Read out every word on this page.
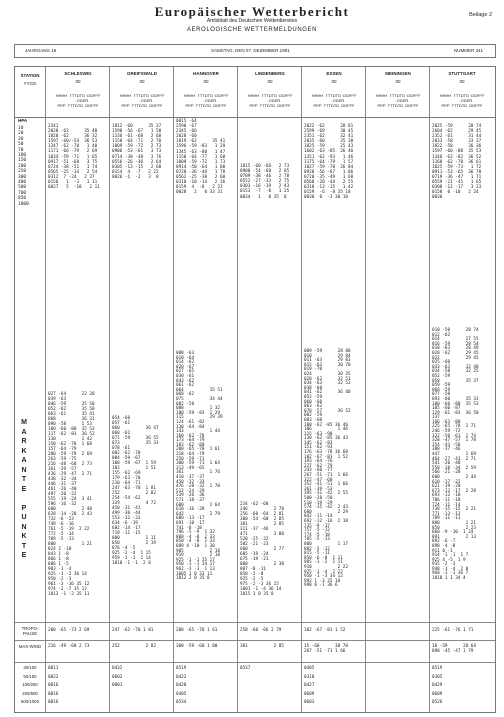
Europäischer Wetterbericht
Amtsblatt des Deutschen Wetterdienstes
AEROLOGISCHE WETTERMELDUNGEN
Beilage 2
JAHRGANG 16	SAMSTAG, DEN 07. DEZEMBER 1991	NUMMER 341
STATION
YYGG
SCHLESWIG
00
HHHH  TTTDTD  DDFFF
ODER
PPP  TTTDTD  DDFFF
GREIFSWALD
00
HHHH  TTTDTD  DDFFF
ODER
PPP  TTTDTD  DDFFF
HANNOVER
00
HHHH  TTTDTD  DDFFF
ODER
PPP  TTTDTD  DDFFF
LINDENBERG
00
HHHH  TTTDTD  DDFFF
ODER
PPP  TTTDTD  DDFFF
ESSEN
00
HHHH  TTTDTD  DDFFF
ODER
PPP  TTTDTD  DDFFF
MEININGEN
00
HHHH  TTTDTD  DDFFF
ODER
PPP  TTTDTD  DDFFF
STUTTGART
00
HHHH  TTTDTD  DDFFF
ODER
PPP  TTTDTD  DDFFF
HPA
10
20
30
50
70
100
150
200
250
300
400
500
700
850
1000
2341
2028 -63      35 48
1820 -62      36 32
1597 -60/-54  36 53
1347 -62 -78   1 48
1171 -66 -79   2 69
1034 -59 -71   1 65
0917 -51 -68   3 75
0724 -38 -51   1 74
0565 -25 -34   2 54
0312  7 -24   2 37
0156   1  -3   1 11
0027   5  -10   2 11
027 -64      22 28
039 -63
046 -59      35 50
052 -62      35 50
063 -62      35 41
068          36 31
090 -58      1 53
100 -60 -80  35 53
117 -62 -83  36 52
130          1 42
150 -62 -78  1 68
157 -64 -79
200 -59 -79  2 69
263 -59 -75
216 -48 -68  2 73
361 -39 -57
436 -29 -47  2 71
438 -32 -34
446 -31 -37
461 -26 -40
497 -20 -22
555 -19 -24  3 41
596 -16 -32
600          2 40
628 -14 -28  2 43
732 -6 -23
749 -6 -16
761 -5 -19  2 22
772 -5 -14
789 -5 -13
800          1 21
824 2 -10
843 1 -8
866 1 -8
886 1 -5
903 -1 -4
925 -1 -2 36 14
950 -2 -3
961 -3 -16 35 12
974 -2 -7 35 12
1013 -1 -2 35 11
200 -65 -73 2 69
216 -49 -68 2 73
0011
0022
0016
0016
0016
1812 -60      35 37
1590 -56 -67   1 50
1336 -61 -68   2 60
1158 -64 -71   2 70
1009 -59 -72   2 73
0906 -53 -61   3 73
0714 -38 -48   3 76
0556 -26 -36   2 64
0305 -13 -15   2 60
0154  4  -7   2 22
0026 -1  -2   3  8
054 -60
057 -61
060          36 47
068 -62
071 -59      36 55
073          35 33
078 -61
082 -62 -70
084 -59 -67
100 -59 -67  1 59
103          1 51
155 -62 -69
179 -63 -70
210 -64 -71
247 -63 -70  1 81
252          2 82
254 -54 -62
329          4 72
450 -31 -41
499 -30 -44
553 -32 -31
634 -6 -19
682 -14 -17
719 -11 -15
800          1 11
850          2 19
876 -4 -5
925 -2 -4  1 15
959 -1 -1  2 14
1010 -1 -1  2 8
247 -62 -70 1 81
252          2 82
0432
0602
0001
0015 -64
2590 -67
2345 -66
2028 -60
1819 -62      35 41
1596 -59 -83   1 29
1345 -63 -80   1 47
1158 -64 -77   1 60
1009 -59 -72   1 73
0914 -50 -64   1 80
0720 -36 -46   1 78
0562 -25 -30   2 60
0310 -10 -14   2 36
0159  4  -8   2 23
0028   2   0 33 31
008 -63
010 -64
014 -62
020 -67
027 -65
030 -61
043 -62
061 -62
064          35 51
068 -62
075          34 44
082 -58
088          1 32
100 -59 -83  1 29
115          29 39
124 -61 -82
130 -64 -84
143          1 44
160 -62 -78
173 -64 -79
183 -62 -80
208 -65 -78  1 61
218 -64 -79
258 -59 -71
300 -59 -71  1 64
313 -49 -65
361          1 76
410 -37 -37
450 -32 -33
476 -28 -32  1 70
512 -24 -29
539 -26 -36
571 -18 -37
600          1 64
610 -16 -28
642          2 79
680 -13 -17
691 -10 -17
741 -8 -18
796 -5 -9  1 32
800 -4 -8  2 33
850 -4 -8  2 33
889 4 -10  1 30
905          2 18
919          2 18
925 -1 -1 35 17
950 -1 -1 34 17
962 -3 -3  1 13
1005 1 0 33 11
1012 2 0 35 8
208 -65 -78 1 61
300 -59 -60 1 80
0519
0422
0420
0405
0534
1015 -60 -66   2 73
0900 -54 -60   2 85
0709 -38 -46   2 78
0552 -27 -33   2 75
0303 -16 -19   2 43
0153  -7  -8   1 25
0034   1   0 35  8
234 -62 -68
246          2 78
256 -60 -64  2 81
300 -54 -60  2 85
301          2 85
311 -37 -46
471          3 80
520 -25 -32
582 -21 -23
600          2 77
605 -19 -24
675 -19 -21
800          2 38
807 -8 -11
850 -2 -8
925 -2 -5
975 -2 -3 36 15
1001 -1 -4 36 14
1015 1 0 35 8
258 -60 -66 2 79
301          2 85
0537
2022 -62      28 81
2599 -69      30 45
2351 -62      32 41
2035 -60      35 38
1825 -59      25 43
1602 -63 -85  26 46
1351 -62 -93   1 46
1175 -64 -79   1 57
1027 -59 -78  26 84
0920 -56 -67   1 86
0728 -35 -49   1 60
0568 -20 -44   2 55
0318 -13 -15   1 42
0159  -6  -8 35 18
0030  0  -3 30 10
009 -59      28 88
010          29 84
011 -63      29 83
015 -63      30 70
019 -70
024          30 35
028 -62      32 51
034 -63      32 52
038 -60
041 -62      36 40
052 -59
060 -60
063 -62
070 -57      36 52
082 -59
083 -60
100 -62 -85 36 46
106          1 46
115 -63 -90
130 -62 -85 36 43
145 -62 -83
151 -62 -93
176 -63 -78 36 60
182 -67 -81  1 52
193 -64 -76
227 -62 -79
243 -60 -77
267 -51 -71  1 66
322 -47 -60
352 -41 -51  1 66
361 -39 -53
395 -31 -42  2 55
500 -28 -50
510 -19 -29
574 -15 -42  2 43
600          2 29
842 -11 -14
692 -12 -16  2 18
735 -9 -17
757 -5 -12
774 -5 -18
785 -5 -13
800          1 17
802 -5 -12
815 -5 -11
850 -6 -8  1 11
905 -1 -2  1 11
910          2 22
925 -1 -4  2 22
950 -1 -3 34 12
992 1 -3 35 10
998 0 -1 36 6
182 -67 -81 1 52
15 -60      30 70
267 -51 -71 1 66
0405
0310
0427
0609
0603
2025 -59      28 74
2604 -62      29 45
2352 -61      31 44
2033 -58      33 37
1822 -58      36 36
1597 -60 -88  35 53
1346 -62 -82  36 52
1168 -62 -78  36 61
1025 -59 -73   1 72
0911 -53 -65  36 78
0719 -36 -47   1 71
0559 -21 -45   1 65
0308 -12 -17   3 23
0158  0 -10   2 24
0030
010 -50      28 74
012 -62
014          27 55
016 -59      28 54
018 -63      28 49
020 -62      29 45
022          29 45
025 -60
033 -63      32 48
034 -58      32 25
052 -59
058          35 37
059 -59
068 -59
077 -58
093 -60      35 33
100 -60 -88  35 53
105 -60 -87
129 -61 -83  36 50
137
166 -63 -80
225 -65 -78  1 71
246 -59 -72
322 -50 -61  1 74
328 -47 -57  1 78
354 -43 -56
388 -37 -46
447          1 69
464 -27 -41  2 71
541 -20 -48
558 -18 -34  2 59
566 -21 -28
600          2 44
610 -17 -22
621 -19 -20
673 -13 -17  2 28
693 -12 -18
706 -11 -18
724 -11 -14
738 -15 -15  2 21
771 -13 -13
789 -11 -13
800          1 21
850          2 23
860 -9 -10  1 24
891          2 13
892 -6 -7
898 -4 -8
911 0 -1
914 -1 -1  1 7
925 4 -5  1 9
935 -2 -3
948 -1 -4  2 8
968 -1 -1 36 7
1018 1 1 34 4
225 -61 -76 1 71
16 -59      28 64
098 -45 -47 1 79
0519
0305
0429
0609
0526
M
A
R
K
A
N
T
E

P
U
N
K
T
E
TROPO-PAUSE
MAX-WIND
30/100
50/150
100/250
200/500
500/1000
